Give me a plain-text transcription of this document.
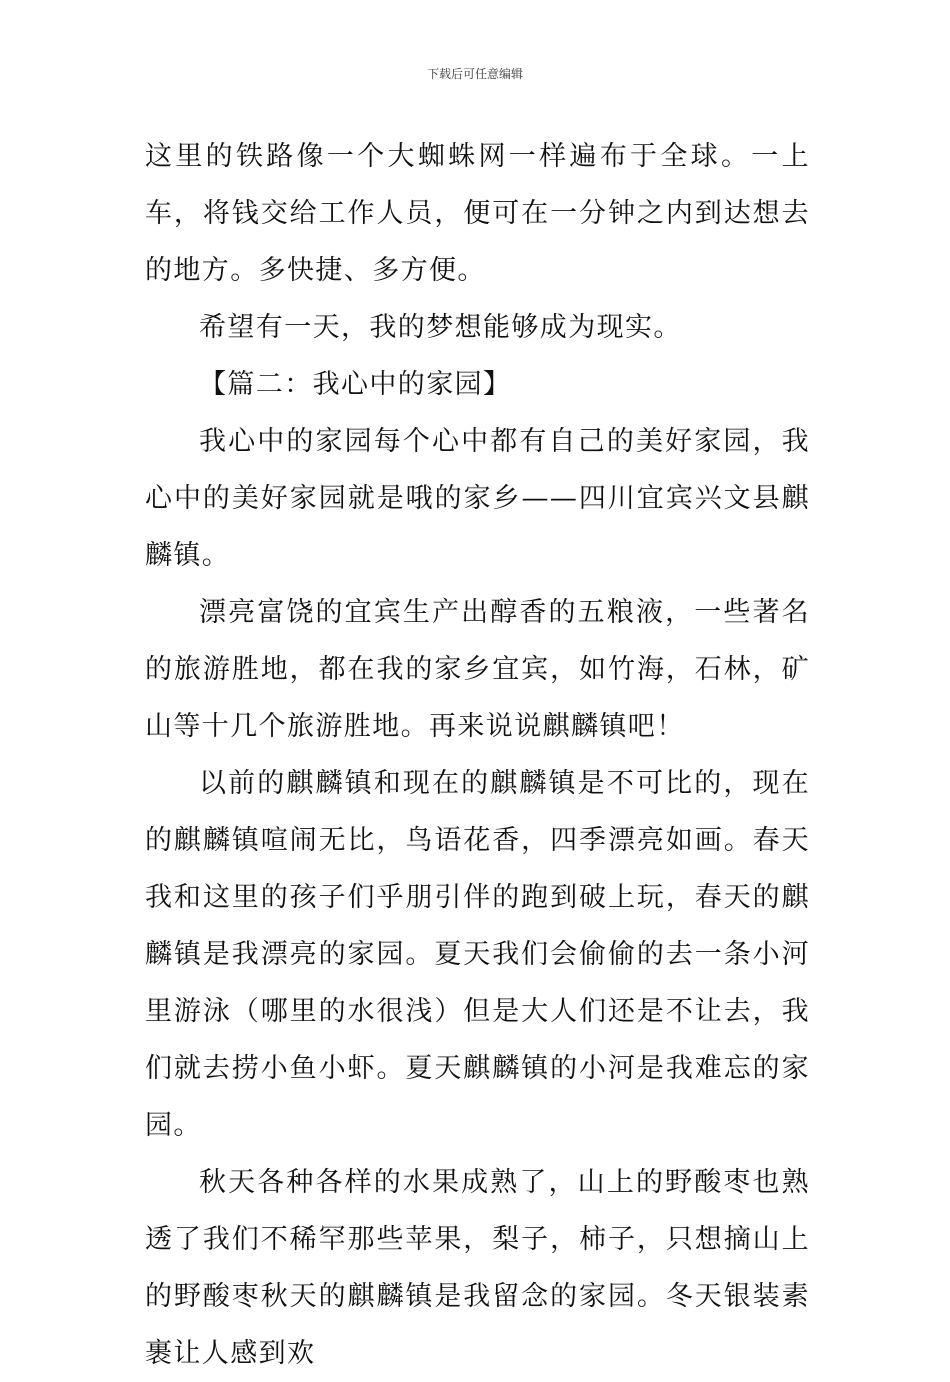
下载后可任意编辑

这里的铁路像一个大蜘蛛网一样遍布于全球。一上车，将钱交给工作人员，便可在一分钟之内到达想去的地方。多快捷、多方便。

希望有一天，我的梦想能够成为现实。

【篇二：我心中的家园】

我心中的家园每个心中都有自己的美好家园，我心中的美好家园就是哦的家乡——四川宜宾兴文县麒麟镇。

漂亮富饶的宜宾生产出醇香的五粮液，一些著名的旅游胜地，都在我的家乡宜宾，如竹海，石林，矿山等十几个旅游胜地。再来说说麒麟镇吧！

以前的麒麟镇和现在的麒麟镇是不可比的，现在的麒麟镇喧闹无比，鸟语花香，四季漂亮如画。春天我和这里的孩子们乎朋引伴的跑到破上玩，春天的麒麟镇是我漂亮的家园。夏天我们会偷偷的去一条小河里游泳（哪里的水很浅）但是大人们还是不让去，我们就去捞小鱼小虾。夏天麒麟镇的小河是我难忘的家园。

秋天各种各样的水果成熟了，山上的野酸枣也熟透了我们不稀罕那些苹果，梨子，柿子，只想摘山上的野酸枣秋天的麒麟镇是我留念的家园。冬天银装素裹让人感到欢
